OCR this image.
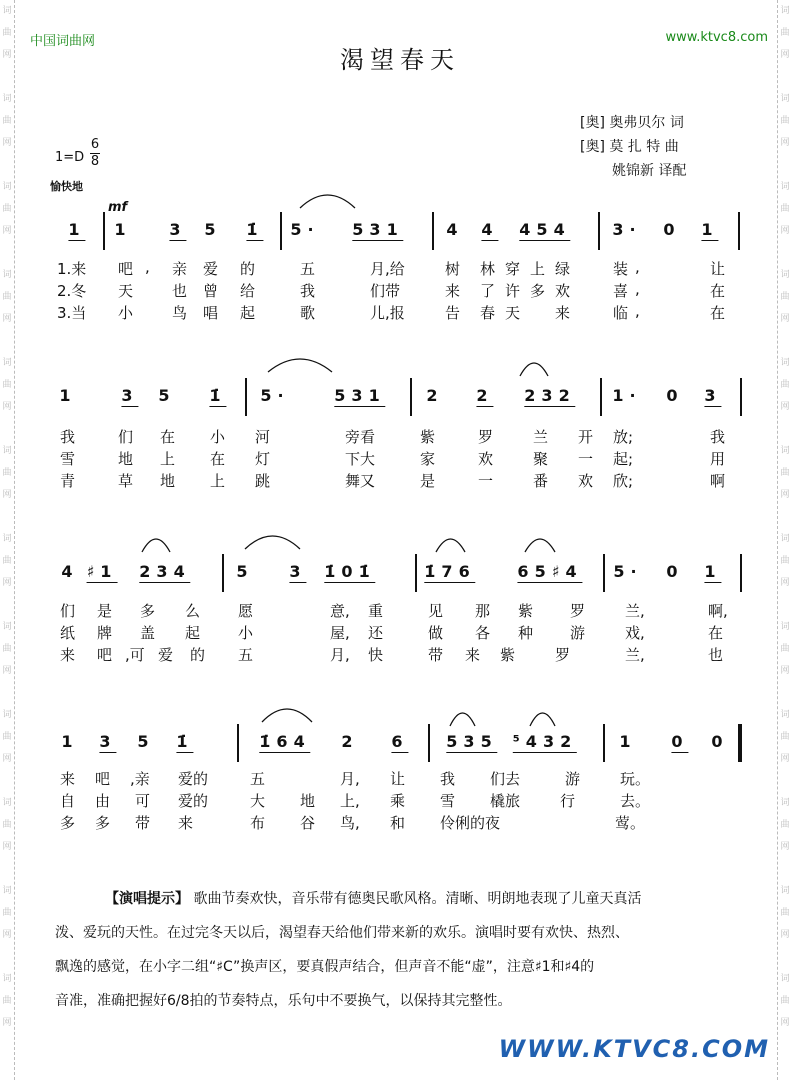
词
曲
网

词
曲
网

词
曲
网

词
曲
网

词
曲
网

词
曲
网

词
曲
网

词
曲
网

词
曲
网

词
曲
网

词
曲
网

词
曲
网

词
曲
网

词
曲
网

词
曲
网

词
曲
网

词
曲
网

词
曲
网

词
曲
网

词
曲
网

词
曲
网

词
曲
网

词
曲
网

词
曲
网

中国词曲网	www.ktvc8.com
渴望春天
[奥] 奥弗贝尔 词
[奥] 莫 扎 特 曲
姚锦新 译配
1=D
6
8
愉快地
mf
1 1 3 5 1̇ 5· 531	4 4 454	3· 0 1
1.来 吧 , 亲 爱 的	五	月,给	树 林 穿 上 绿	装 ,	让
2.冬 天	也 曾 给	我	们带	来 了 许 多 欢	喜 ,	在
3.当 小	鸟 唱 起	歌	儿,报	告 春 天 来	临 ,	在
1	3 5 1̇ 5·	531	2 2 232 1· 0 3
我	们 在 小 河	旁看	紫	罗	兰 开 放;	我
雪	地 上 在 灯	下大	家	欢	聚 一 起;	用
青	草 地 上 跳	舞又	是	一	番 欢 欣;	啊
4 ♯1 234	5 3 1̇01̇	1̇76	65♯4 5· 0 1
们 是 多 么	愿	意, 重	见 那 紫 罗	兰,	啊,
纸 牌 盖 起	小	屋, 还	做 各 种 游	戏,	在
来 吧 ,可 爱 的 五	月, 快	带 来 紫	罗	兰,	也
1 3 5 1̇	1̇64 2 6 535 ⁵432	1 0 0
来 吧 ,亲 爱的	五	月, 让 我 们去	游	玩。
自 由 可 爱的	大 地 上, 乘 雪 橇旅	行	去。
多 多 带 来	布 谷 鸟, 和 伶俐的夜	莺。
【演唱提示】 歌曲节奏欢快，音乐带有德奥民歌风格。清晰、明朗地表现了儿童天真活
泼、爱玩的天性。在过完冬天以后，渴望春天给他们带来新的欢乐。演唱时要有欢快、热烈、
飘逸的感觉，在小字二组“♯C”换声区，要真假声结合，但声音不能“虚”，注意♯1和♯4的
音准，准确把握好6/8拍的节奏特点，乐句中不要换气，以保持其完整性。
WWW.KTVC8.COM
